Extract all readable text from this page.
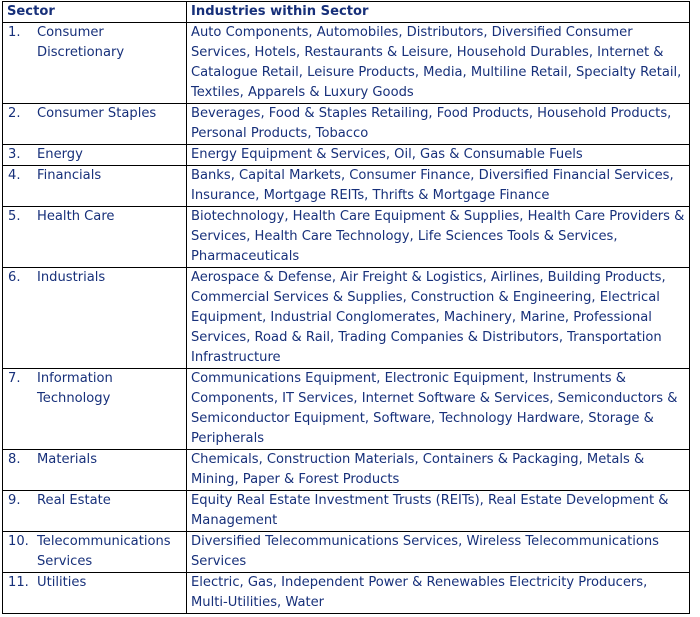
Sector	Industries within Sector

1. Consumer Discretionary	Auto Components, Automobiles, Distributors, Diversified Consumer Services, Hotels, Restaurants & Leisure, Household Durables, Internet & Catalogue Retail, Leisure Products, Media, Multiline Retail, Specialty Retail, Textiles, Apparels & Luxury Goods

2. Consumer Staples	Beverages, Food & Staples Retailing, Food Products, Household Products, Personal Products, Tobacco

3. Energy	Energy Equipment & Services, Oil, Gas & Consumable Fuels

4. Financials	Banks, Capital Markets, Consumer Finance, Diversified Financial Services, Insurance, Mortgage REITs, Thrifts & Mortgage Finance

5. Health Care	Biotechnology, Health Care Equipment & Supplies, Health Care Providers & Services, Health Care Technology, Life Sciences Tools & Services, Pharmaceuticals

6. Industrials	Aerospace & Defense, Air Freight & Logistics, Airlines, Building Products, Commercial Services & Supplies, Construction & Engineering, Electrical Equipment, Industrial Conglomerates, Machinery, Marine, Professional Services, Road & Rail, Trading Companies & Distributors, Transportation Infrastructure

7. Information Technology	Communications Equipment, Electronic Equipment, Instruments & Components, IT Services, Internet Software & Services, Semiconductors & Semiconductor Equipment, Software, Technology Hardware, Storage & Peripherals

8. Materials	Chemicals, Construction Materials, Containers & Packaging, Metals & Mining, Paper & Forest Products

9. Real Estate	Equity Real Estate Investment Trusts (REITs), Real Estate Development & Management

10. Telecommunications Services	Diversified Telecommunications Services, Wireless Telecommunications Services

11. Utilities	Electric, Gas, Independent Power & Renewables Electricity Producers, Multi-Utilities, Water
